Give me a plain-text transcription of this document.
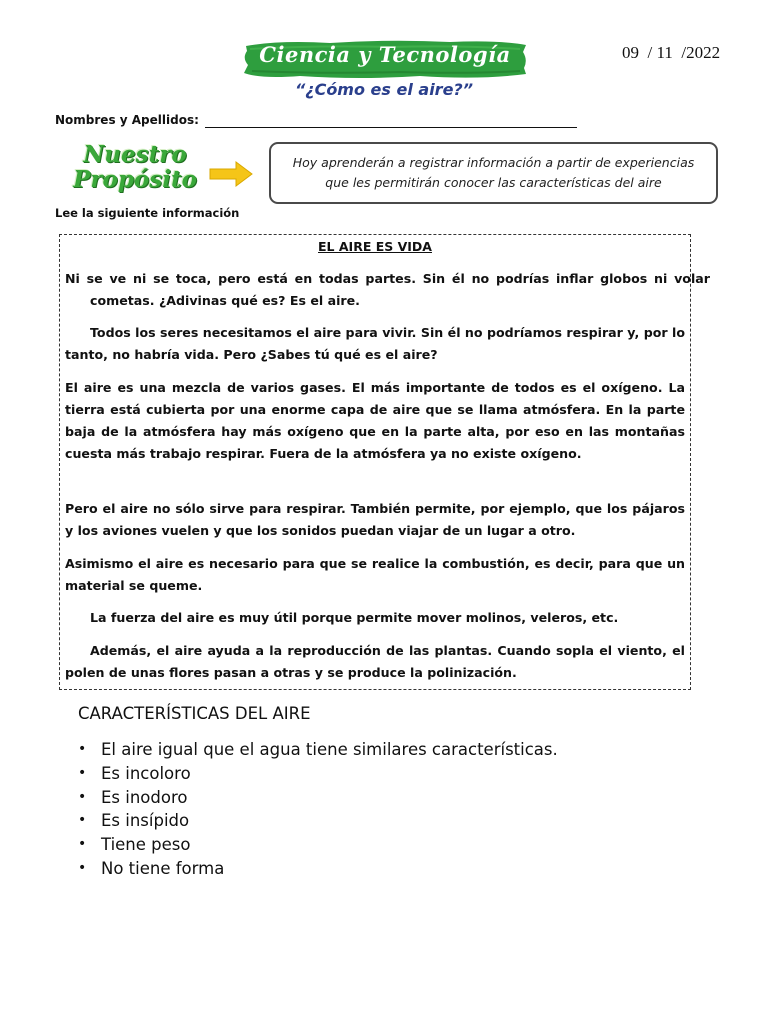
Ciencia y Tecnología	09  / 11  /2022
“¿Cómo es el aire?”
Nombres y Apellidos:
Nuestro
Propósito
Hoy aprenderán a registrar información a partir de experiencias que les permitirán conocer las características del aire
Lee la siguiente información
EL AIRE ES VIDA
Ni se ve ni se toca, pero está en todas partes. Sin él no podrías inflar globos ni volar cometas. ¿Adivinas qué es? Es el aire.
Todos los seres necesitamos el aire para vivir. Sin él no podríamos respirar y, por lo tanto, no habría vida. Pero ¿Sabes tú qué es el aire?
El aire es una mezcla de varios gases. El más importante de todos es el oxígeno. La tierra está cubierta por una enorme capa de aire que se llama atmósfera. En la parte baja de la atmósfera hay más oxígeno que en la parte alta, por eso en las montañas cuesta más trabajo respirar. Fuera de la atmósfera ya no existe oxígeno.
Pero el aire no sólo sirve para respirar. También permite, por ejemplo, que los pájaros y los aviones vuelen y que los sonidos puedan viajar de un lugar a otro.
Asimismo el aire es necesario para que se realice la combustión, es decir, para que un material se queme.
La fuerza del aire es muy útil porque permite mover molinos, veleros, etc.
Además, el aire ayuda a la reproducción de las plantas. Cuando sopla el viento, el polen de unas flores pasan a otras y se produce la polinización.
CARACTERÍSTICAS DEL AIRE
• El aire igual que el agua tiene similares características.
• Es incoloro
• Es inodoro
• Es insípido
• Tiene peso
• No tiene forma
